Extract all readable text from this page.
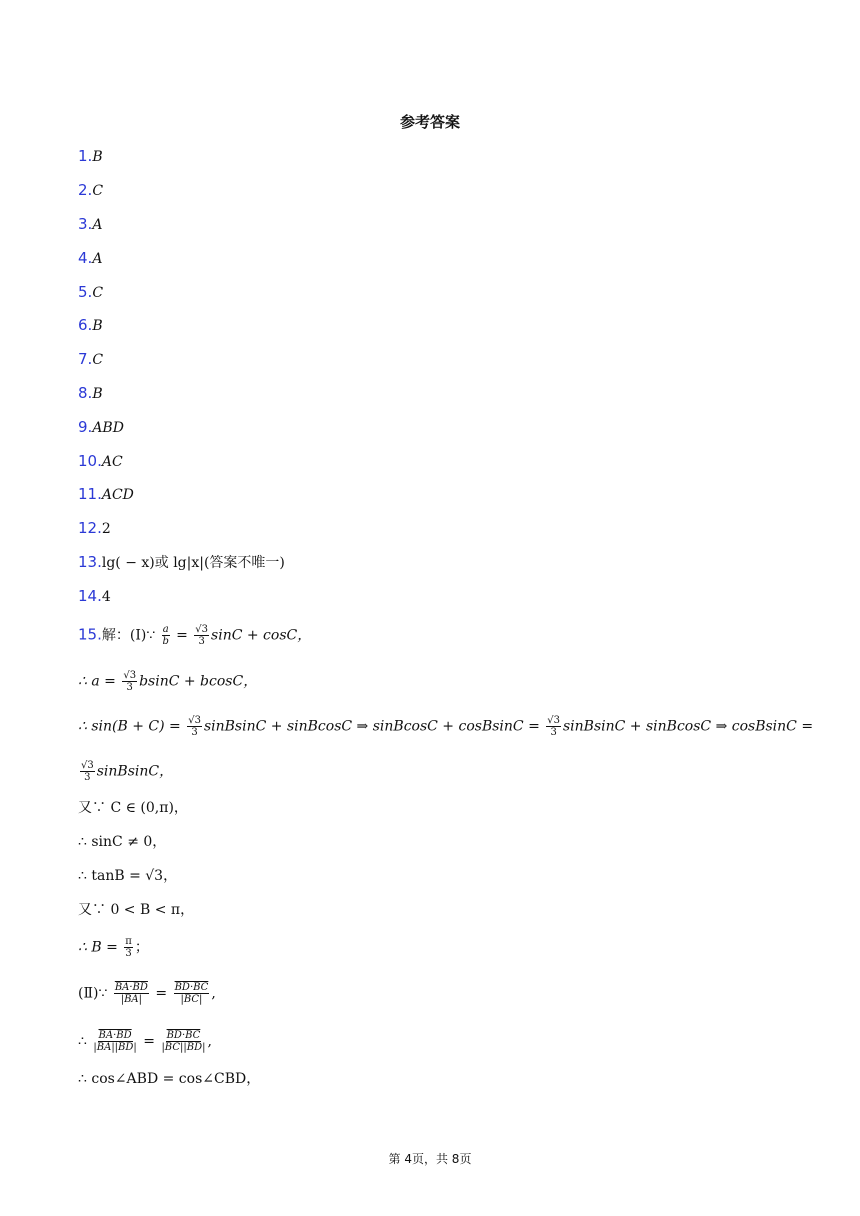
参考答案
1.B
2.C
3.A
4.A
5.C
6.B
7.C
8.B
9.ABD
10.AC
11.ACD
12.2
13.lg( − x)或 lg|x|(答案不唯一)
14.4
15.解：(Ⅰ)∵ $\frac{a}{b} = \frac{√3}{3}$ sinC + cosC，
∴ $a = \frac{√3}{3}$ bsinC + bcosC，
∴ $\sin(B + C) = \frac{√3}{3}$ sinBsinC + sinBcosC ⇒ sinBcosC + cosBsinC = $\frac{√3}{3}$ sinBsinC + sinBcosC ⇒ cosBsinC =
$\frac{√3}{3}$ sinBsinC，
又∵ C ∈ (0,π)，
∴ sinC ≠ 0，
∴ tanB = √3，
又∵ 0 < B < π，
∴ $B = \frac{\pi}{3}$ ；
(Ⅱ)∵ $\frac{BA\cdot BD}{|BA|} = \frac{BD\cdot BC}{|BC|}$ ,
∴ $\frac{BA\cdot BD}{|BA||BD|} = \frac{BD\cdot BC}{|BC||BD|}$ ,
∴ cos∠ABD = cos∠CBD，
第 4页，共 8页
